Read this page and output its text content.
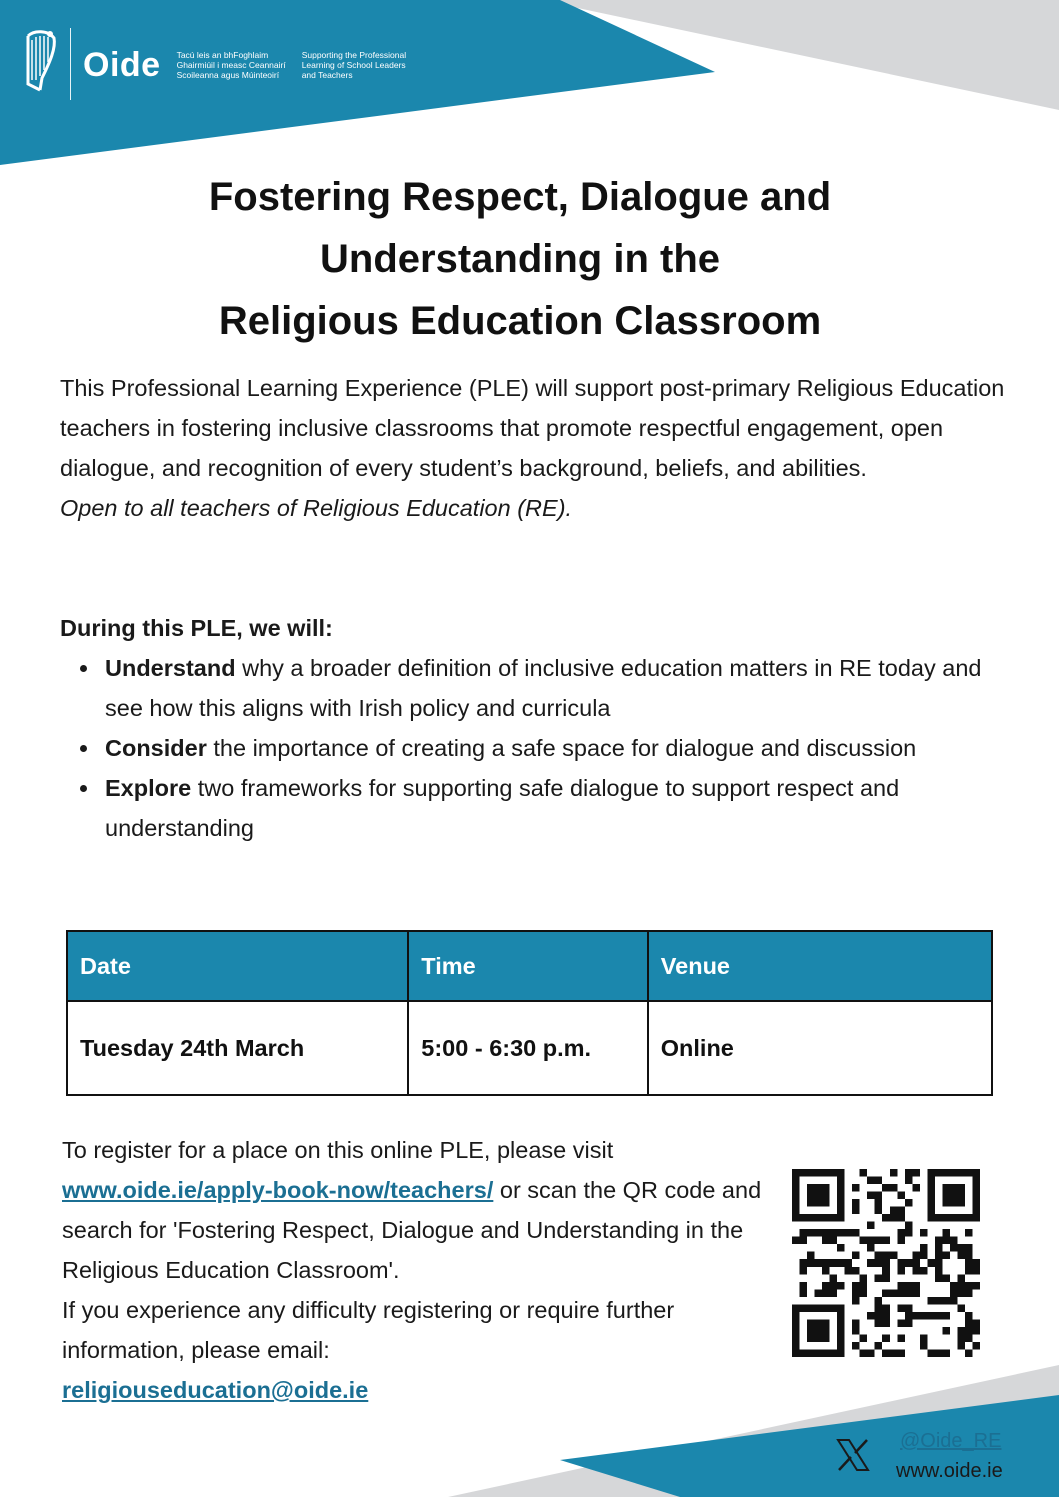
Oide Tacú leis an bhFoghlaim
Ghairmiúil i measc Ceannairí
Scoileanna agus Múinteoirí
Supporting the Professional
Learning of School Leaders
and Teachers
Fostering Respect, Dialogue and
Understanding in the
Religious Education Classroom
This Professional Learning Experience (PLE) will support post-primary Religious Education teachers in fostering inclusive classrooms that promote respectful engagement, open dialogue, and recognition of every student’s background, beliefs, and abilities.
Open to all teachers of Religious Education (RE).
During this PLE, we will:
Understand why a broader definition of inclusive education matters in RE today and see how this aligns with Irish policy and curricula
Consider the importance of creating a safe space for dialogue and discussion
Explore two frameworks for supporting safe dialogue to support respect and understanding
Date	Time	Venue
Tuesday 24th March	5:00 - 6:30 p.m.	Online
To register for a place on this online PLE, please visit
www.oide.ie/apply-book-now/teachers/ or scan the QR code and search for 'Fostering Respect, Dialogue and Understanding in the Religious Education Classroom'.
If you experience any difficulty registering or require further information, please email:
religiouseducation@oide.ie
@Oide_RE
www.oide.ie
